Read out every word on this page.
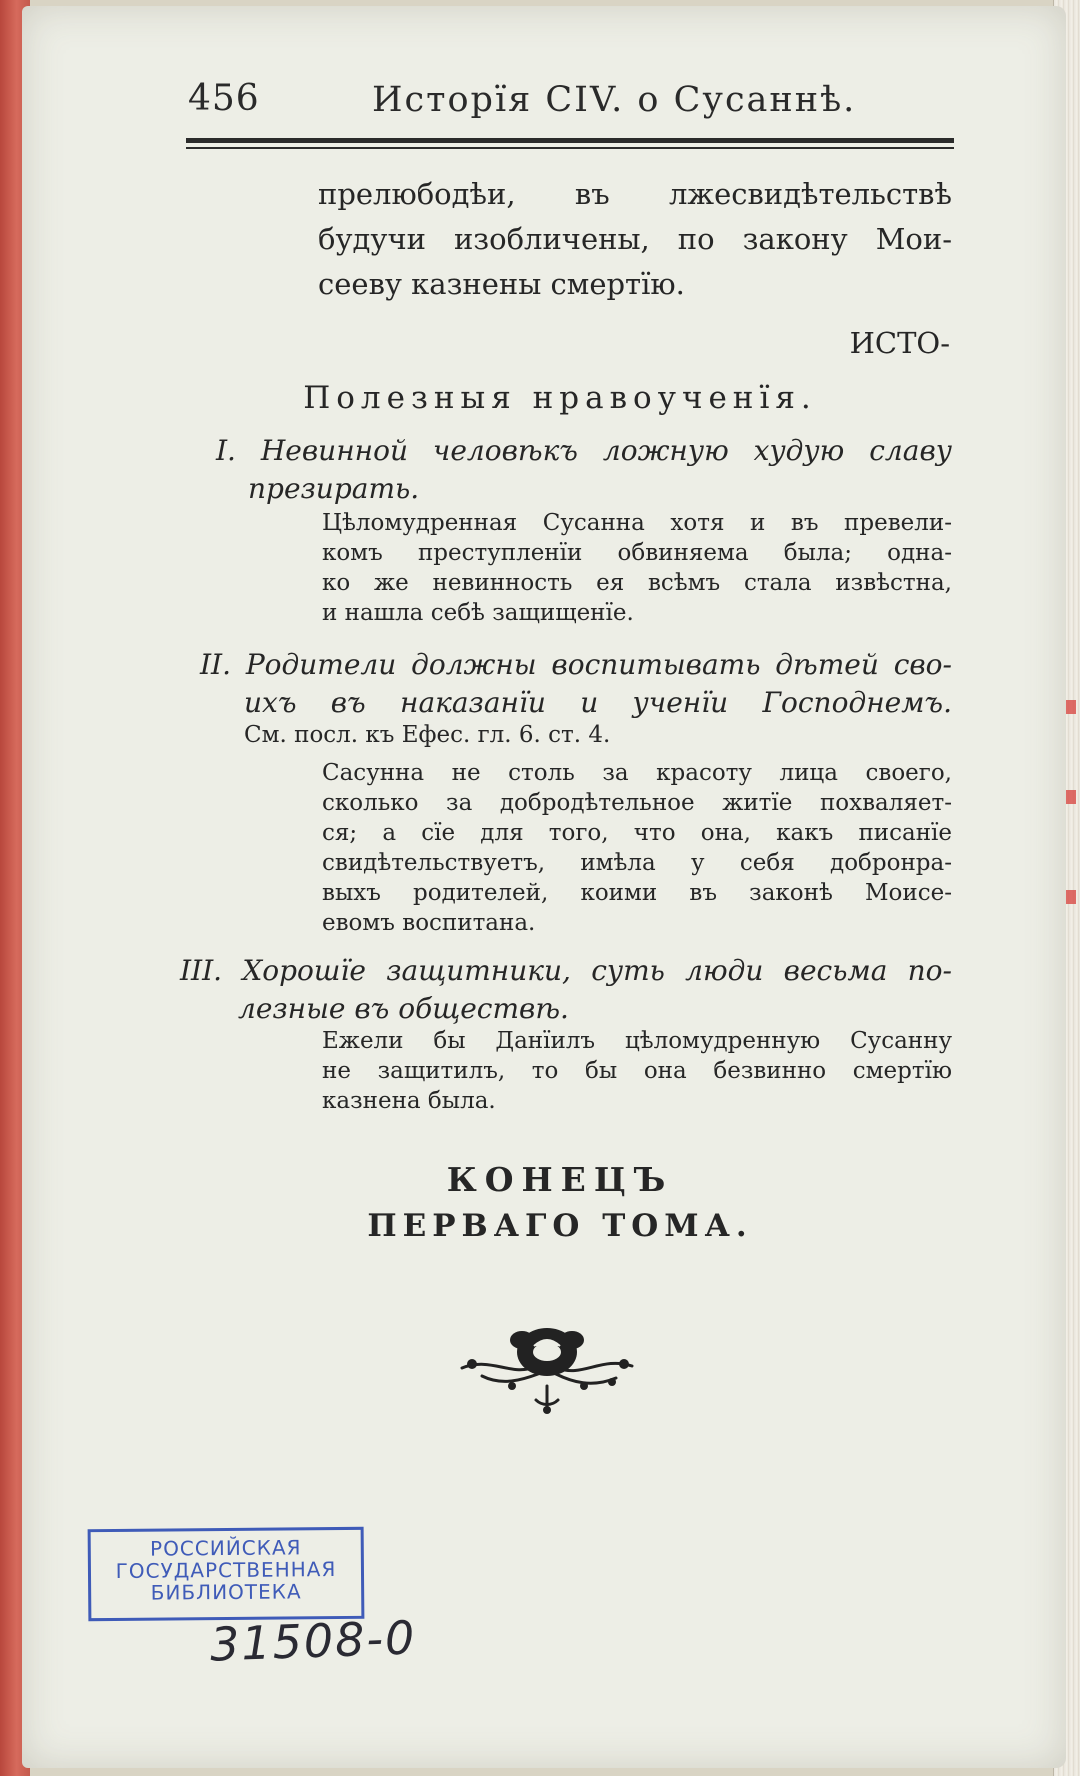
456	Исторїя CIV. о Сусаннѣ.
прелюбодѣи, въ лжесвидѣтельствѣ
будучи изобличены, по закону Мои-
сееву казнены смертїю.
ИСТО-
Полезныя нравоученїя.
I. Невинной человѣкъ ложную худую славу
презирать.
Цѣломудренная Сусанна хотя и въ превели-
комъ преступленїи обвиняема была; одна-
ко же невинность ея всѣмъ стала извѣстна,
и нашла себѣ защищенїе.
II. Родители должны воспитывать дѣтей сво-
ихъ въ наказанїи и ученїи Господнемъ.
См. посл. къ Ефес. гл. 6. ст. 4.
Сасунна не столь за красоту лица своего,
сколько за добродѣтельное житїе похваляет-
ся; а сїе для того, что она, какъ писанїе
свидѣтельствуетъ, имѣла у себя добронра-
выхъ родителей, коими въ законѣ Моисе-
евомъ воспитана.
III. Хорошїе защитники, суть люди весьма по-
лезные въ обществѣ.
Ежели бы Данїилъ цѣломудренную Сусанну
не защитилъ, то бы она безвинно смертїю
казнена была.
КОНЕЦЪ
ПЕРВАГО ТОМА.
РОССИЙСКАЯ
ГОСУДАРСТВЕННАЯ
БИБЛИОТЕКА
31508-0
